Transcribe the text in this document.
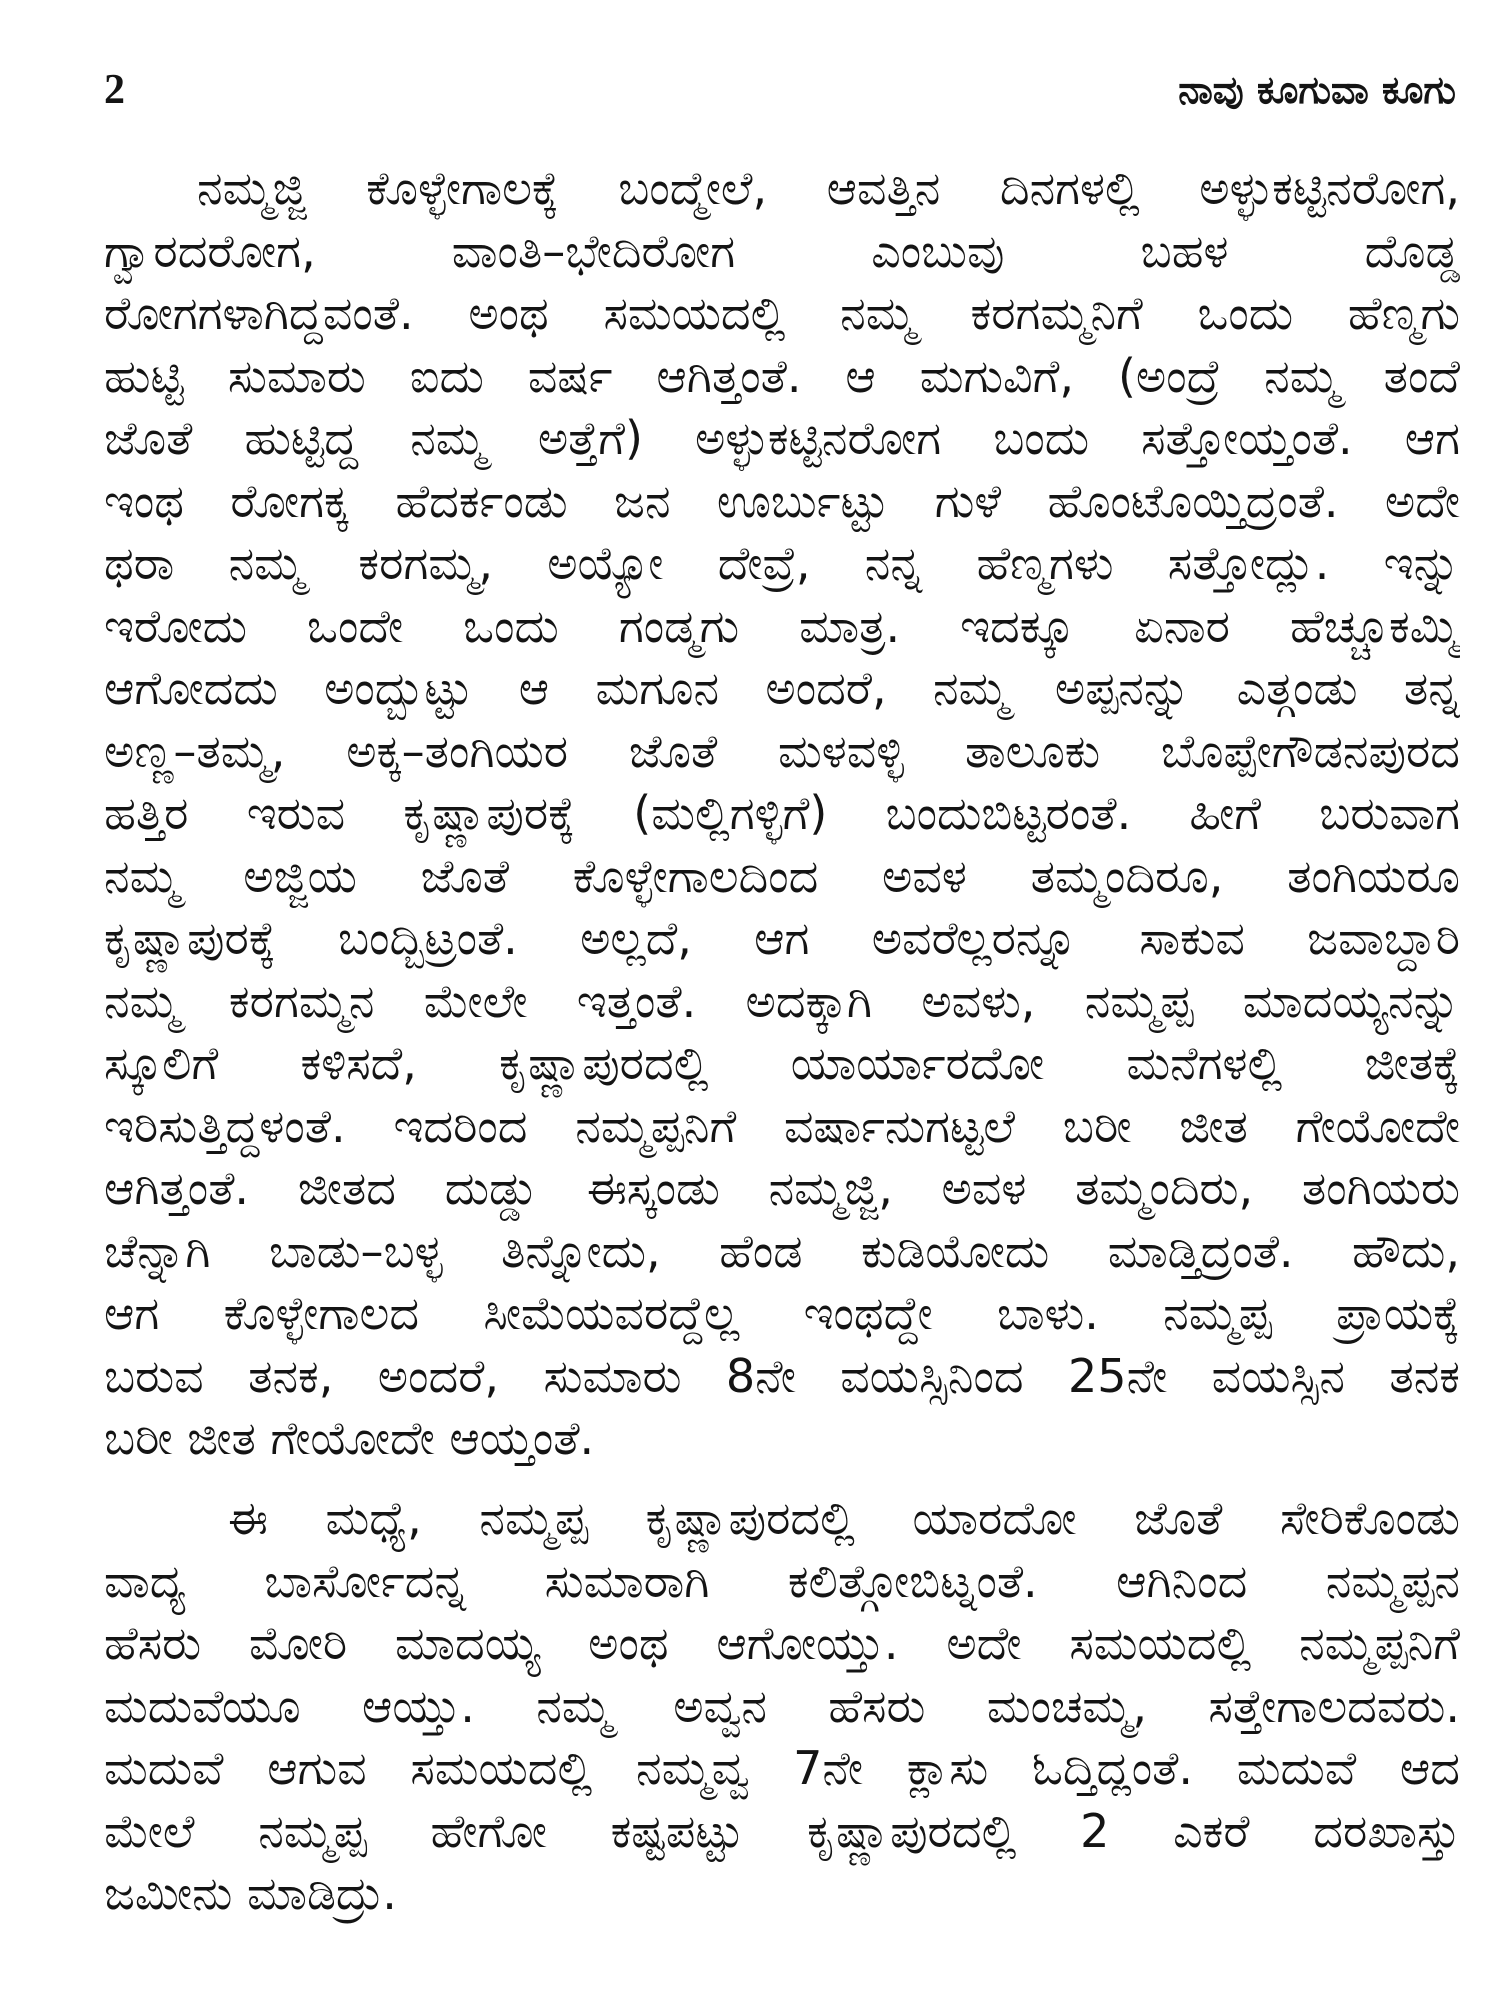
2	ನಾವು ಕೂಗುವಾ ಕೂಗು
ನಮ್ಮಜ್ಜಿ ಕೊಳ್ಳೇಗಾಲಕ್ಕೆ ಬಂದ್ಮೇಲೆ, ಆವತ್ತಿನ ದಿನಗಳಲ್ಲಿ ಅಳ್ಳುಕಟ್ಟಿನರೋಗ,
ಗ್ವಾರದರೋಗ, ವಾಂತಿ–ಭೇದಿರೋಗ ಎಂಬುವು ಬಹಳ ದೊಡ್ಡ
ರೋಗಗಳಾಗಿದ್ದವಂತೆ. ಅಂಥ ಸಮಯದಲ್ಲಿ ನಮ್ಮ ಕರಗಮ್ಮನಿಗೆ ಒಂದು ಹೆಣ್ಮಗು
ಹುಟ್ಟಿ ಸುಮಾರು ಐದು ವರ್ಷ ಆಗಿತ್ತಂತೆ. ಆ ಮಗುವಿಗೆ, (ಅಂದ್ರೆ ನಮ್ಮ ತಂದೆ
ಜೊತೆ ಹುಟ್ಟಿದ್ದ ನಮ್ಮ ಅತ್ತೆಗೆ) ಅಳ್ಳುಕಟ್ಟಿನರೋಗ ಬಂದು ಸತ್ತೋಯ್ತಂತೆ. ಆಗ
ಇಂಥ ರೋಗಕ್ಕ ಹೆದರ್ಕಂಡು ಜನ ಊರ್ಬುಟ್ಟು ಗುಳೆ ಹೊಂಟೊಯ್ತಿದ್ರಂತೆ. ಅದೇ
ಥರಾ ನಮ್ಮ ಕರಗಮ್ಮ, ಅಯ್ಯೋ ದೇವ್ರೆ, ನನ್ನ ಹೆಣ್ಮಗಳು ಸತ್ತೋದ್ಲು. ಇನ್ನು
ಇರೋದು ಒಂದೇ ಒಂದು ಗಂಡ್ಮಗು ಮಾತ್ರ. ಇದಕ್ಕೂ ಏನಾರ ಹೆಚ್ಚೂಕಮ್ಮಿ
ಆಗೋದದು ಅಂದ್ಬುಟ್ಟು ಆ ಮಗೂನ ಅಂದರೆ, ನಮ್ಮ ಅಪ್ಪನನ್ನು ಎತ್ಗಂಡು ತನ್ನ
ಅಣ್ಣ–ತಮ್ಮ, ಅಕ್ಕ–ತಂಗಿಯರ ಜೊತೆ ಮಳವಳ್ಳಿ ತಾಲೂಕು ಬೊಪ್ಪೇಗೌಡನಪುರದ
ಹತ್ತಿರ ಇರುವ ಕೃಷ್ಣಾಪುರಕ್ಕೆ (ಮಲ್ಲಿಗಳ್ಳಿಗೆ) ಬಂದುಬಿಟ್ಟರಂತೆ. ಹೀಗೆ ಬರುವಾಗ
ನಮ್ಮ ಅಜ್ಜಿಯ ಜೊತೆ ಕೊಳ್ಳೇಗಾಲದಿಂದ ಅವಳ ತಮ್ಮಂದಿರೂ, ತಂಗಿಯರೂ
ಕೃಷ್ಣಾಪುರಕ್ಕೆ ಬಂದ್ಬಿಟ್ರಂತೆ. ಅಲ್ಲದೆ, ಆಗ ಅವರೆಲ್ಲರನ್ನೂ ಸಾಕುವ ಜವಾಬ್ದಾರಿ
ನಮ್ಮ ಕರಗಮ್ಮನ ಮೇಲೇ ಇತ್ತಂತೆ. ಅದಕ್ಕಾಗಿ ಅವಳು, ನಮ್ಮಪ್ಪ ಮಾದಯ್ಯನನ್ನು
ಸ್ಕೂಲಿಗೆ ಕಳಿಸದೆ, ಕೃಷ್ಣಾಪುರದಲ್ಲಿ ಯಾರ್ಯಾರದೋ ಮನೆಗಳಲ್ಲಿ ಜೀತಕ್ಕೆ
ಇರಿಸುತ್ತಿದ್ದಳಂತೆ. ಇದರಿಂದ ನಮ್ಮಪ್ಪನಿಗೆ ವರ್ಷಾನುಗಟ್ಟಲೆ ಬರೀ ಜೀತ ಗೇಯೋದೇ
ಆಗಿತ್ತಂತೆ. ಜೀತದ ದುಡ್ಡು ಈಸ್ಕಂಡು ನಮ್ಮಜ್ಜಿ, ಅವಳ ತಮ್ಮಂದಿರು, ತಂಗಿಯರು
ಚೆನ್ನಾಗಿ ಬಾಡು–ಬಳ್ಳ ತಿನ್ನೋದು, ಹೆಂಡ ಕುಡಿಯೋದು ಮಾಡ್ತಿದ್ರಂತೆ. ಹೌದು,
ಆಗ ಕೊಳ್ಳೇಗಾಲದ ಸೀಮೆಯವರದ್ದೆಲ್ಲ ಇಂಥದ್ದೇ ಬಾಳು. ನಮ್ಮಪ್ಪ ಪ್ರಾಯಕ್ಕೆ
ಬರುವ ತನಕ, ಅಂದರೆ, ಸುಮಾರು 8ನೇ ವಯಸ್ಸಿನಿಂದ 25ನೇ ವಯಸ್ಸಿನ ತನಕ
ಬರೀ ಜೀತ ಗೇಯೋದೇ ಆಯ್ತಂತೆ.
ಈ ಮಧ್ಯೆ, ನಮ್ಮಪ್ಪ ಕೃಷ್ಣಾಪುರದಲ್ಲಿ ಯಾರದೋ ಜೊತೆ ಸೇರಿಕೊಂಡು
ವಾದ್ಯ ಬಾರ್ಸೋದನ್ನ ಸುಮಾರಾಗಿ ಕಲಿತ್ಗೋಬಿಟ್ನಂತೆ. ಆಗಿನಿಂದ ನಮ್ಮಪ್ಪನ
ಹೆಸರು ಮೋರಿ ಮಾದಯ್ಯ ಅಂಥ ಆಗೋಯ್ತು. ಅದೇ ಸಮಯದಲ್ಲಿ ನಮ್ಮಪ್ಪನಿಗೆ
ಮದುವೆಯೂ ಆಯ್ತು. ನಮ್ಮ ಅವ್ವನ ಹೆಸರು ಮಂಚಮ್ಮ, ಸತ್ತೇಗಾಲದವರು.
ಮದುವೆ ಆಗುವ ಸಮಯದಲ್ಲಿ ನಮ್ಮವ್ವ 7ನೇ ಕ್ಲಾಸು ಓದ್ತಿದ್ಲಂತೆ. ಮದುವೆ ಆದ
ಮೇಲೆ ನಮ್ಮಪ್ಪ ಹೇಗೋ ಕಷ್ಟಪಟ್ಟು ಕೃಷ್ಣಾಪುರದಲ್ಲಿ 2 ಎಕರೆ ದರಖಾಸ್ತು
ಜಮೀನು ಮಾಡಿದ್ರು.
